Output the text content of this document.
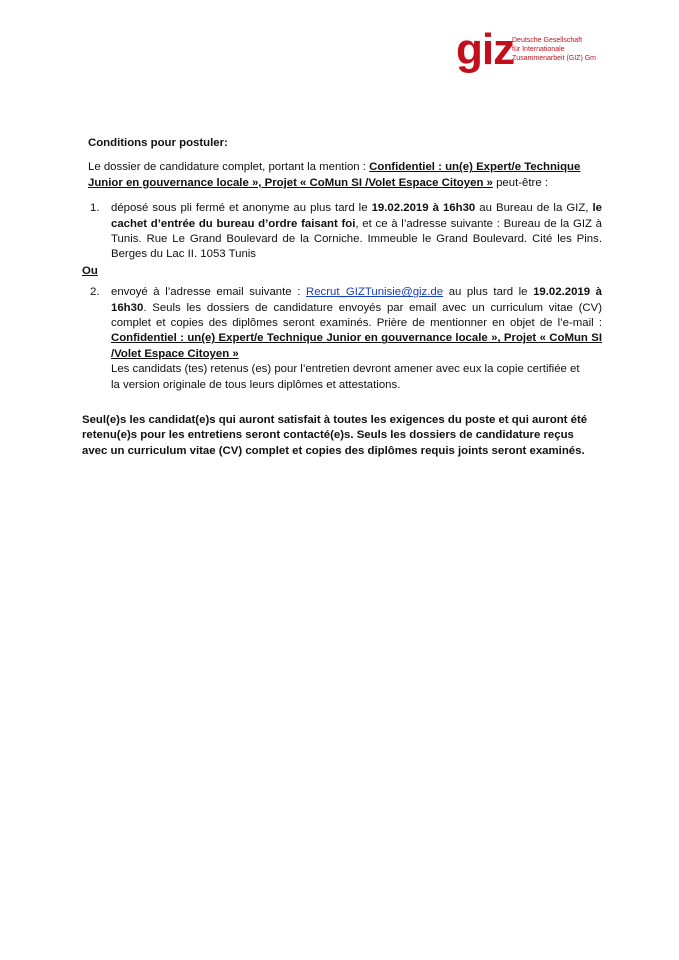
giz
Deutsche Gesellschaft
für Internationale
Zusammenarbeit (GIZ) Gm
Conditions pour postuler:
Le dossier de candidature complet, portant la mention : Confidentiel : un(e) Expert/e Technique Junior en gouvernance locale », Projet « CoMun SI /Volet Espace Citoyen » peut-être :
1. déposé sous pli fermé et anonyme au plus tard le 19.02.2019 à 16h30 au Bureau de la GIZ, le cachet d’entrée du bureau d’ordre faisant foi, et ce à l’adresse suivante : Bureau de la GIZ à Tunis. Rue Le Grand Boulevard de la Corniche. Immeuble le Grand Boulevard. Cité les Pins. Berges du Lac II. 1053 Tunis
Ou
2. envoyé à l’adresse email suivante : Recrut_GIZTunisie@giz.de au plus tard le 19.02.2019 à 16h30. Seuls les dossiers de candidature envoyés par email avec un curriculum vitae (CV) complet et copies des diplômes seront examinés. Prière de mentionner en objet de l’e-mail : Confidentiel : un(e) Expert/e Technique Junior en gouvernance locale », Projet « CoMun SI /Volet Espace Citoyen »
Les candidats (tes) retenus (es) pour l’entretien devront amener avec eux la copie certifiée et
la version originale de tous leurs diplômes et attestations.
Seul(e)s les candidat(e)s qui auront satisfait à toutes les exigences du poste et qui auront été retenu(e)s pour les entretiens seront contacté(e)s. Seuls les dossiers de candidature reçus avec un curriculum vitae (CV) complet et copies des diplômes requis joints seront examinés.
